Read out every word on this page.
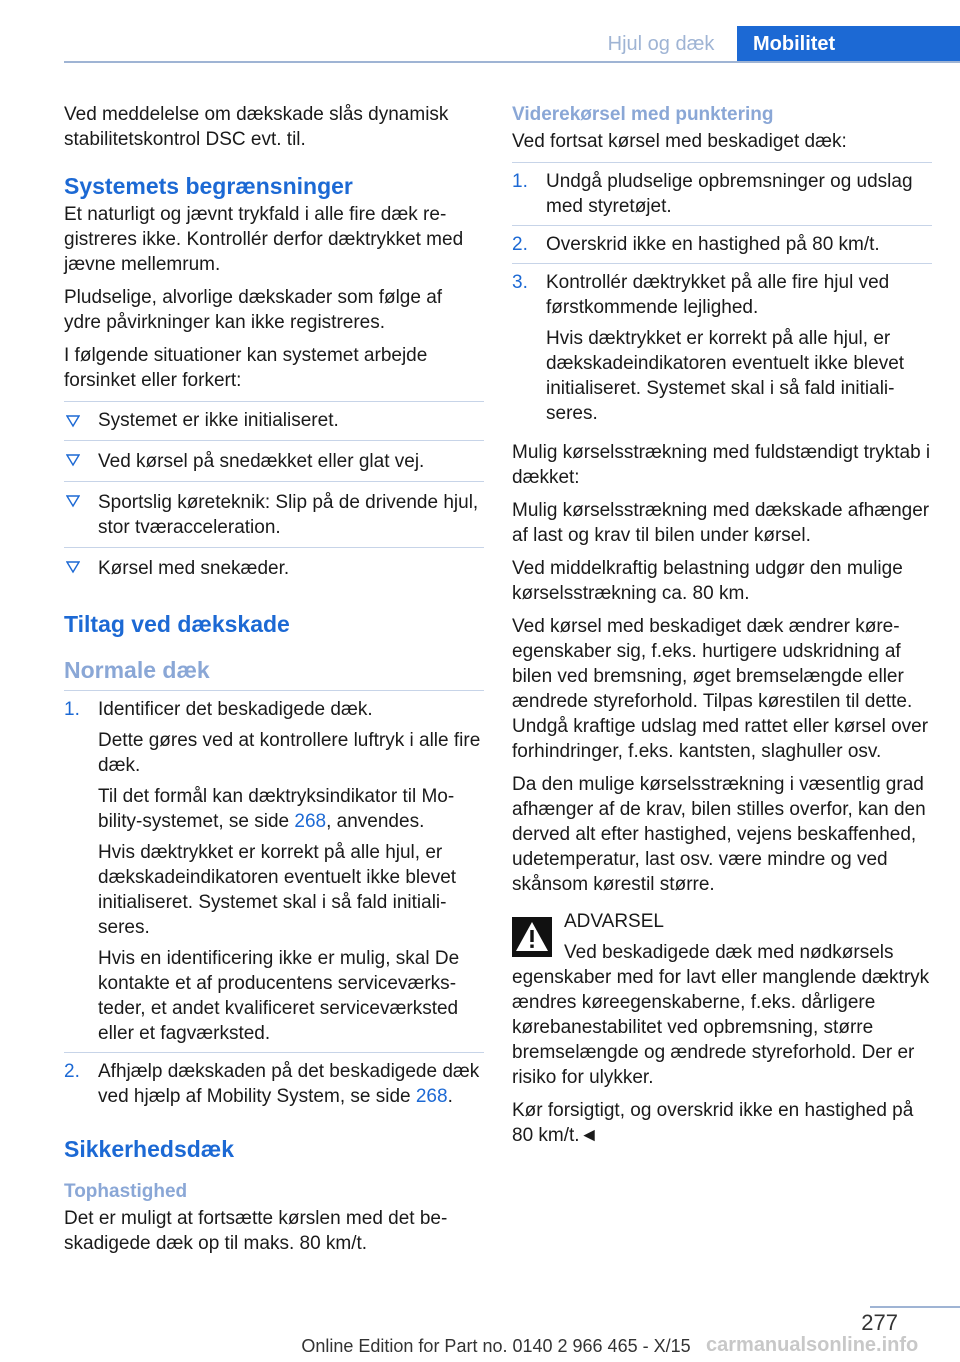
Hjul og dæk	Mobilitet

Ved meddelelse om dækskade slås dynamisk stabilitetskontrol DSC evt. til.

Systemets begrænsninger

Et naturligt og jævnt trykfald i alle fire dæk registreres ikke. Kontrollér derfor dæktrykket med jævne mellemrum.

Pludselige, alvorlige dækskader som følge af ydre påvirkninger kan ikke registreres.

I følgende situationer kan systemet arbejde forsinket eller forkert:

Systemet er ikke initialiseret.
Ved kørsel på snedækket eller glat vej.
Sportslig køreteknik: Slip på de drivende hjul, stor tværacceleration.
Kørsel med snekæder.
Tiltag ved dækskade
Normale dæk
1. Identificer det beskadigede dæk.

Dette gøres ved at kontrollere luftryk i alle fire dæk.

Til det formål kan dæktryksindikator til Mobility-systemet, se side 268, anvendes.

Hvis dæktrykket er korrekt på alle hjul, er dækskadeindikatoren eventuelt ikke blevet initialiseret. Systemet skal i så fald initialiseres.

Hvis en identificering ikke er mulig, skal De kontakte et af producentens serviceværksteder, et andet kvalificeret serviceværksted eller et fagværksted.

2. Afhjælp dækskaden på det beskadigede dæk ved hjælp af Mobility System, se side 268.

Sikkerhedsdæk
Tophastighed

Det er muligt at fortsætte kørslen med det beskadigede dæk op til maks. 80 km/t.

Viderekørsel med punktering

Ved fortsat kørsel med beskadiget dæk:

1. Undgå pludselige opbremsninger og udslag med styretøjet.

2. Overskrid ikke en hastighed på 80 km/t.

3. Kontrollér dæktrykket på alle fire hjul ved førstkommende lejlighed.

Hvis dæktrykket er korrekt på alle hjul, er dækskadeindikatoren eventuelt ikke blevet initialiseret. Systemet skal i så fald initialiseres.

Mulig kørselsstrækning med fuldstændigt tryktab i dækket:

Mulig kørselsstrækning med dækskade afhænger af last og krav til bilen under kørsel.

Ved middelkraftig belastning udgør den mulige kørselsstrækning ca. 80 km.

Ved kørsel med beskadiget dæk ændrer køreegenskaber sig, f.eks. hurtigere udskridning af bilen ved bremsning, øget bremselængde eller ændrede styreforhold. Tilpas kørestilen til dette. Undgå kraftige udslag med rattet eller kørsel over forhindringer, f.eks. kantsten, slaghuller osv.

Da den mulige kørselsstrækning i væsentlig grad afhænger af de krav, bilen stilles overfor, kan den derved alt efter hastighed, vejens beskaffenhed, udetemperatur, last osv. være mindre og ved skånsom kørestil større.

ADVARSEL

Ved beskadigede dæk med nødkørsels

egenskaber med for lavt eller manglende dæktryk ændres køreegenskaberne, f.eks. dårligere kørebanestabilitet ved opbremsning, større bremselængde og ændrede styreforhold. Der er risiko for ulykker.

Kør forsigtigt, og overskrid ikke en hastighed på 80 km/t.◄

277
Online Edition for Part no. 0140 2 966 465 - X/15 carmanualsonline.info
